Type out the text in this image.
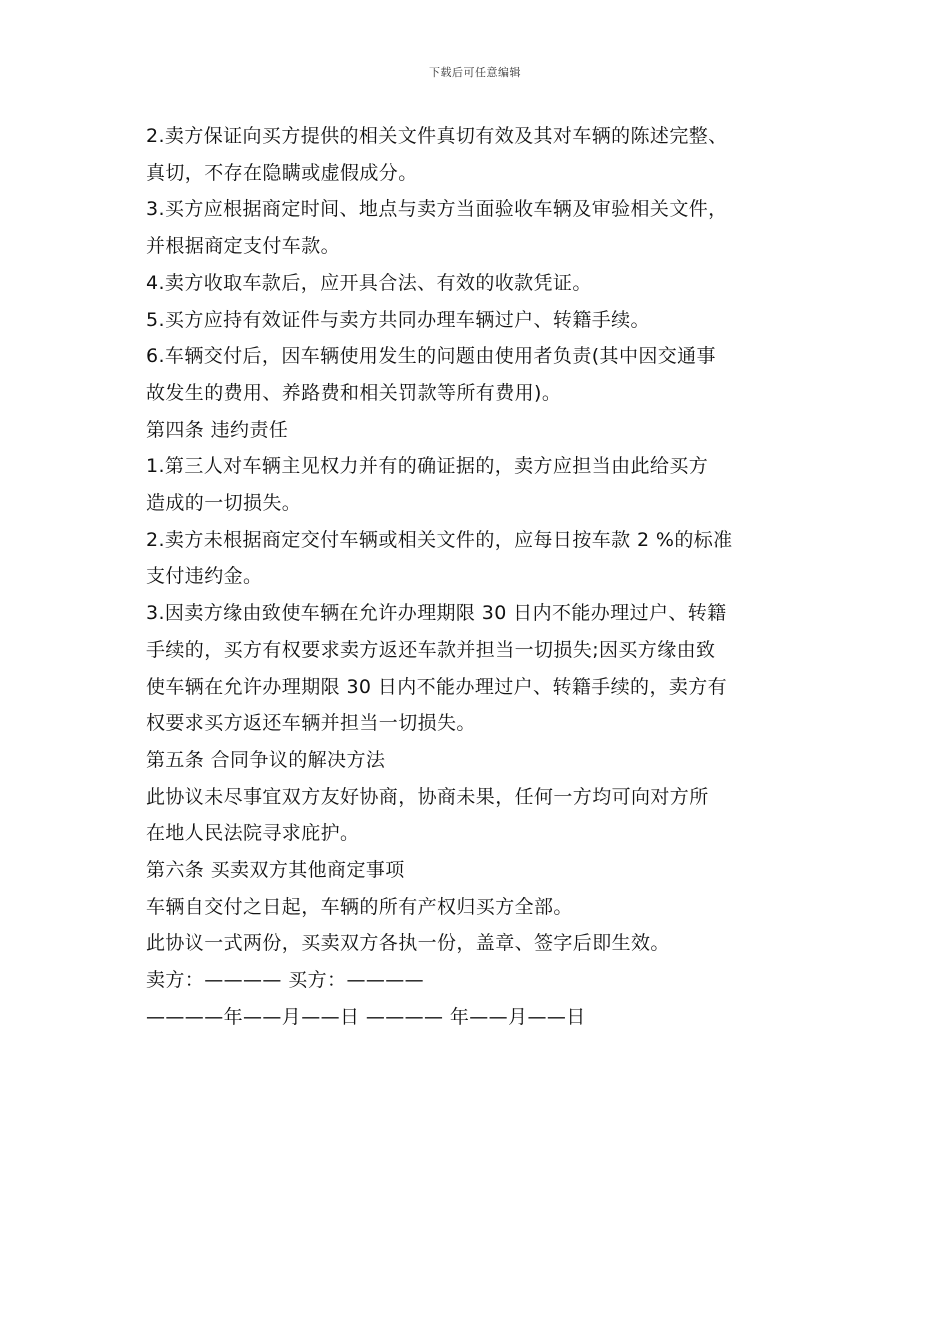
下载后可任意编辑
2.卖方保证向买方提供的相关文件真切有效及其对车辆的陈述完整、
真切，不存在隐瞒或虚假成分。
3.买方应根据商定时间、地点与卖方当面验收车辆及审验相关文件，
并根据商定支付车款。
4.卖方收取车款后，应开具合法、有效的收款凭证。
5.买方应持有效证件与卖方共同办理车辆过户、转籍手续。
6.车辆交付后，因车辆使用发生的问题由使用者负责(其中因交通事
故发生的费用、养路费和相关罚款等所有费用)。
第四条 违约责任
1.第三人对车辆主见权力并有的确证据的，卖方应担当由此给买方
造成的一切损失。
2.卖方未根据商定交付车辆或相关文件的，应每日按车款 2 %的标准
支付违约金。
3.因卖方缘由致使车辆在允许办理期限 30 日内不能办理过户、转籍
手续的，买方有权要求卖方返还车款并担当一切损失;因买方缘由致
使车辆在允许办理期限 30 日内不能办理过户、转籍手续的，卖方有
权要求买方返还车辆并担当一切损失。
第五条 合同争议的解决方法
此协议未尽事宜双方友好协商，协商未果，任何一方均可向对方所
在地人民法院寻求庇护。
第六条 买卖双方其他商定事项
车辆自交付之日起，车辆的所有产权归买方全部。
此协议一式两份，买卖双方各执一份，盖章、签字后即生效。
卖方：———— 买方：————
————年——月——日 ———— 年——月——日
